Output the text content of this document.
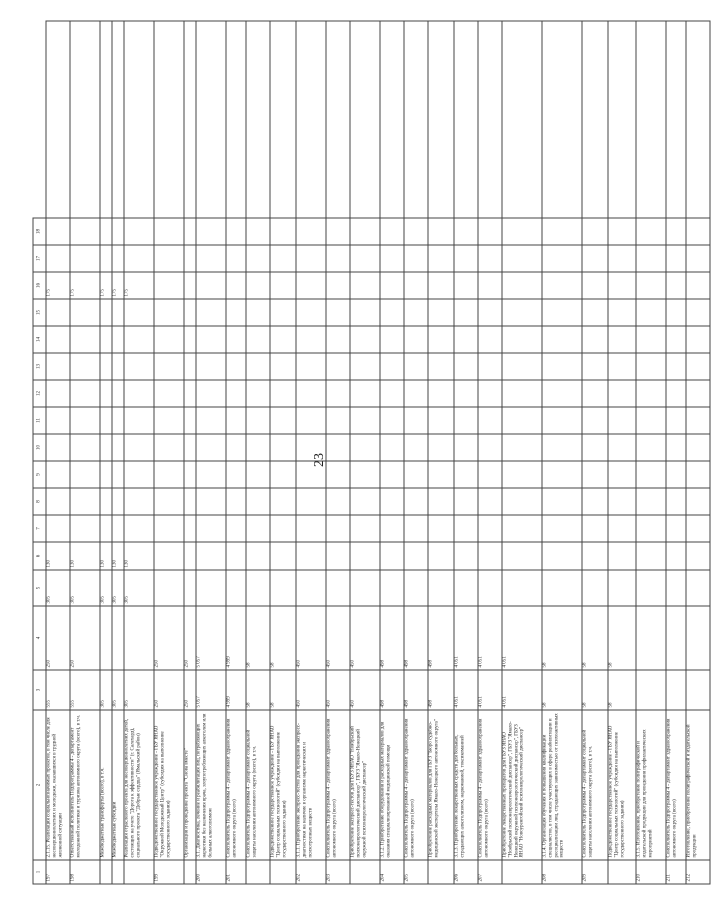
23
1	2	3	4	5	6	7	8	9	10	11	12	13	14	15	16	17	18	
197	2.1.15. Реализация социальнозначимых проектов, в том числе для несовершеннолетних и молодежи, оказавшихся в трудной жизненной ситуации	555	250	305	130										175			
198	Ответственный исполнитель Подпрограммы 4 - департамент молодежной политики и туризма автономного округа (всего), в т.ч.	555	250	305	130										175			
	Межбюджетные трансферты (всего), в т.ч.	305		305	130										175			
	Межбюджетные субсидии	305		305	130										175			
	Реализация отраслевого проекта для несовершеннолетних детей, состоящих на учете "Дорога к эффективности" (г. Салехард), социального проекта "Добрые сердца" (Ямальский район)	305		305	130										175			
199	Подведомственное государственное учреждение - ГБУ ЯНАО "Окружной Молодежный Центр" (субсидия на выполнение государственного задания)	250	250															
	Организация и проведение проекта "Снова вместе"	250	250															
200	3.1. Диагностика, лечение и реабилитация лиц, потребляющих наркотики без назначения врача, злоупотребляющих алкоголем или больных алкоголизмом	5 057	5 057															
201	Соисполнитель Подпрограммы 4 - департамент здравоохранения автономного округа (всего)	4 999	4 999															
	Соисполнитель Подпрограммы 4 - департамент социальной защиты населения автономного округа (всего), в т.ч.	58	58															
	Подведомственное государственное учреждение - ГБУ ЯНАО "Центр социальных технологий" (субсидия на выполнение государственного задания)	58	58															
202	3.1.1. Приобретение экспресс-тестов для проведения экспресс-диагностики на наличие в организме наркотических и психотропных веществ	450	450															
203	Соисполнитель Подпрограммы 4 - департамент здравоохранения автономного округа (всего)	450	450															
	Приобретение экспресс-тестов для ГБУЗ ЯНАО "Ноябрьский психоневрологический диспансер", ГБУЗ "Ямало-Ненецкий окружной психоневрологический диспансер"	450	450															
204	3.1.2. Приобретение оборудования и расходных материалов для оказания специализированной медицинской помощи	498	498															
205	Соисполнитель Подпрограммы 4 - департамент здравоохранения автономного округа (всего)	498	498															
	Приобретение расходных материалов для ГБУЗ "Бюро судебно-медицинской экспертизы Ямало-Ненецкого автономного округа"	498	498															
206	3.1.3. Приобретение лекарственных средств для больных, страдающих алкоголизмом, наркоманией, токсикоманией	4 051	4 051															
207	Соисполнитель Подпрограммы 4 - департамент здравоохранения автономного округа (всего)	4 051	4 051															
	Приобретение лекарственных препаратов для ГБУЗ ЯНАО "Ноябрьский психоневрологический диспансер", ГБУЗ "Ямало-Ненецкий окружной психоневрологический диспансер", ГБУЗ ЯНАО "Новоуренгойский психоневрологический диспансер"	4 051	4 051															
208	3.1.4. Организация обучения и повышения квалификации специалистов, в том числе участвующих в сфере реабилитации и ресоциализации лиц, страдающих зависимостью от психоактивных веществ	58	58															
209	Соисполнитель Подпрограммы 4 - департамент социальной защиты населения автономного округа (всего), в т.ч.	58	58															
	Подведомственное государственное учреждение - ГБУ ЯНАО "Центр социальных технологий" (субсидия на выполнение государственного задания)	58	58															
210	3.1.5. Изготовление, приобретение полиграфической и издательской продукции для проведения профилактических мероприятий																	
211	Соисполнитель Подпрограммы 4 - департамент здравоохранения автономного округа (всего)																	
212	Изготовление, приобретение полиграфической и издательской продукции																	
